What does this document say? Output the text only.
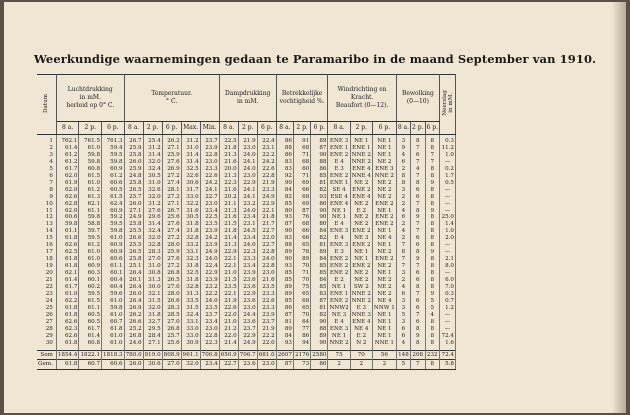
Weerkundige waarnemingen gedaan te Paramaribo in de maand September van 1910.
Datum	Luchtdrukking
in mM.
herleid op 0° C.			Temperatuur.
° C.					Dampdrukking
in mM.			Betrekkelijke
vochtigheid %.			Windrichting en
Kracht.
Beaufort (0—12).			Bewolking
(0—10)			Neerslag
in mM.
	8 a.	2 p.	6 p.	8 a.	2 p.	6 p.	Max.	Min.	8 a.	2 p.	6 p.	8 a.	2 p.	6 p.	8 a.	2 p.	6 p.	8 a.	2 p.	6 p.	
1	762.1	761.5	761.3	26.7	25.4	26.2	31.2	23.7	22.5	21.9	22.4	86	91	89	ENE 3	NE 1	NE 1	3	8	8	0.3
2	61.4	61.0	59.4	25.9	31.2	27.1	31.0	23.9	21.8	23.0	23.1	88	68	87	ENE 1	ENE 1	NE 1	9	7	8	11.2
3	61.2	59.8	59.5	25.8	31.4	25.9	31.4	22.8	21.3	24.0	22.2	86	71	90	ENE 2	NNE 2	NE 1	4	6	7	1.0
4	61.2	59.8	59.8	26.0	32.0	27.6	31.4	23.0	21.6	24.1	24.2	83	68	88	E 4	NNE 2	NE 2	6	7	7	—
5	61.7	60.8	60.9	25.9	32.4	26.9	32.5	23.3	20.0	24.0	22.6	83	60	86	E 3	ENE 4	ENE 3	2	4	8	0.2
6	62.0	61.5	61.2	24.8	30.5	27.2	32.6	22.6	21.3	23.0	22.8	92	71	85	ENE 2	NNE 4	NNE 2	8	7	8	1.7
7	61.9	61.0	60.6	25.8	31.0	27.4	30.6	24.2	22.3	22.9	21.9	90	69	81	ENE 1	NE 2	NE 2	8	8	9	0.5
8	62.0	61.2	60.5	26.5	32.6	28.1	31.7	24.1	21.6	24.1	23.3	84	66	82	SE 4	ENE 2	NE 2	3	6	8	—
9	62.6	61.3	61.5	25.7	32.0	27.2	33.0	22.7	20.2	24.1	24.9	82	68	93	ESE 4	ENE 4	NE 2	2	6	8	—
10	62.8	62.1	62.4	26.0	31.2	27.1	32.2	23.0	21.1	23.2	22.9	85	69	86	ENE 4	NE 2	ENE 2	2	7	8	—
11	62.0	61.1	60.9	27.1	27.6	26.7	31.6	23.4	21.3	24.0	22.1	80	87	90	NE 1	E 2	NE 1	4	8	9	—
12	60.6	59.8	59.2	24.9	29.6	25.6	30.5	22.5	21.6	23.4	21.8	93	76	90	NE 1	NE 2	ENE 2	6	9	8	25.0
13	59.8	58.8	59.5	25.8	31.4	27.6	31.8	23.5	21.5	23.1	21.7	87	68	80	E 4	NE 2	ENE 2	2	7	8	1.4
14	61.1	59.7	59.8	25.5	32.4	27.4	31.8	23.9	21.8	24.5	22.7	90	66	84	ENE 3	ENE 2	NE 1	4	7	8	1.0
15	61.8	59.5	61.0	26.6	32.0	27.2	32.8	24.2	21.4	23.4	22.0	83	66	82	E 4	NE 3	NE 4	2	6	8	2.0
16	62.6	61.2	60.9	25.5	32.8	28.0	33.2	23.9	21.3	24.0	22.7	88	65	81	ENE 3	ENE 2	NE 1	7	6	8	—
17	62.5	61.0	60.9	26.5	28.3	25.9	33.1	24.9	22.9	22.3	22.8	89	78	89	E 3	NE 1	NE 2	8	8	9	—
18	61.8	61.0	60.6	25.8	27.0	27.6	32.3	24.0	22.1	23.3	24.0	90	89	84	ENE 2	NE 1	ENE 2	7	9	8	2.1
19	61.8	60.9	61.1	25.1	31.0	27.2	31.8	22.4	22.1	23.4	22.8	93	70	85	ENE 2	ENE 2	NE 2	7	7	8	8.0
20	62.1	60.3	60.1	26.4	30.8	26.8	32.5	22.9	21.0	23.9	23.0	85	71	85	ENE 2	NE 2	NE 1	3	6	8	—
21	61.4	60.1	60.4	26.1	31.3	26.5	31.8	23.9	21.5	23.6	21.6	85	70	84	E 2	NE 2	NE 2	2	6	8	6.0
22	61.7	60.2	60.4	26.4	30.0	27.0	32.8	23.2	23.5	23.6	23.5	89	75	85	NE 1	SW 2	NE 2	4	8	8	7.0
23	61.0	59.5	59.6	26.0	32.1	28.0	31.3	22.2	22.1	22.9	23.3	89	65	83	ENE 1	NNE 2	NE 2	6	7	9	0.3
24	62.2	61.5	61.0	26.4	31.5	26.6	33.5	24.0	21.9	23.6	22.6	85	68	87	ENE 2	NNE 2	NE 4	3	6	5	0.7
25	61.8	61.1	59.8	26.9	32.0	28.3	31.5	23.5	22.6	23.0	23.3	86	65	81	NNW2	E 3	NNW 1	3	6	5	1.2
26	61.8	60.5	61.0	26.2	31.8	28.5	32.4	23.7	22.0	24.4	23.9	87	70	82	NE 3	NNE 3	NE 1	5	7	4	—
27	62.6	60.5	60.7	26.6	32.7	27.0	33.1	23.4	21.0	23.6	23.7	81	64	90	E 4	ENE 4	NE 1	3	6	8	—
28	62.3	61.7	61.8	25.2	29.5	26.8	33.0	23.0	21.2	23.7	21.9	89	77	88	ENE 3	NE 4	NE 1	6	8	8	—
29	62.6	61.4	61.0	26.8	28.4	25.7	33.0	22.8	22.0	22.9	22.2	84	86	89	NE 1	E 2	NE 1	6	9	8	72.4
30	61.8	60.8	61.0	24.6	27.1	25.6	30.9	22.3	21.4	24.9	22.0	93	94	90	NNE 2	N 2	NNE 1	4	8	8	1.6
Som	1854.4	1822.1	1818.3	780.0	919.0	808.9	961.1	700.8	650.9	706.7	681.0	2607	2176	2580	75	70	56	148	208	232	72.4
Gem.	61.8	60.7	60.6	26.0	30.6	27.0	32.0	23.4	22.7	23.6	23.0	87	73	86	2	2	2	5	7	8	5.8
